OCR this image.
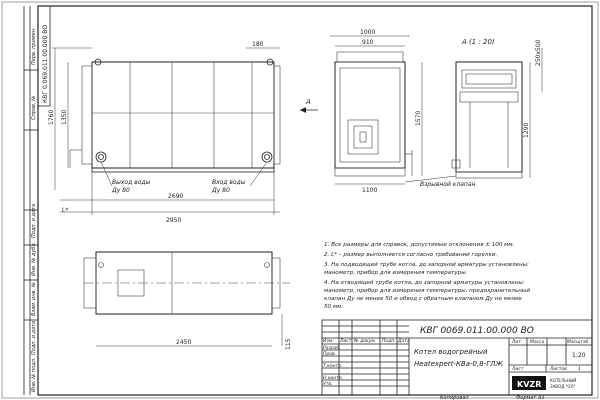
Перв. примен.
Справ. №
Подп. и дата
Инв. № дубл.
Взам. инв. №
Подп. и дата
Инв. № подл.
КВГ 0.069.011.00.000 ВО	180
1760 1350
2690
2950
L*
Выход воды
Ду 80
Вход воды
Ду 80
A
1000
910
1570
1100
А (1 : 20)	250х500
1290
Взрывной клапан
2450	115
1. Все размеры для справок, допустимые отклонения ± 100 мм.
2. L* – размер выполняется согласно требований горелки.
3. На подводящей трубе котла, до запорной арматуры установлены:
манометр, прибор для измерения температуры.
4. На отводящей трубе котла, до запорной арматуры установлены:
манометр, прибор для измерения температуры, предохранительный
клапан Ду не менее 50 и обвод с обратным клапаном Ду не менее
50 мм.
КВГ 0069.011.00.000 ВО
Котел водогрейный
Heatexpert-КВа-0,8-ГЛЖ
Лит. Масса	Масштаб
Лист	Листов 1
Изм. Лист № докум. Подп. Дата
Разраб.
Пров.
Т.контр.
Н.контр.
Утв.
1:20
KVZR КОТЕЛЬНЫЙ
ЗАВОД "ОЛ"
Копировал	Формат А3
